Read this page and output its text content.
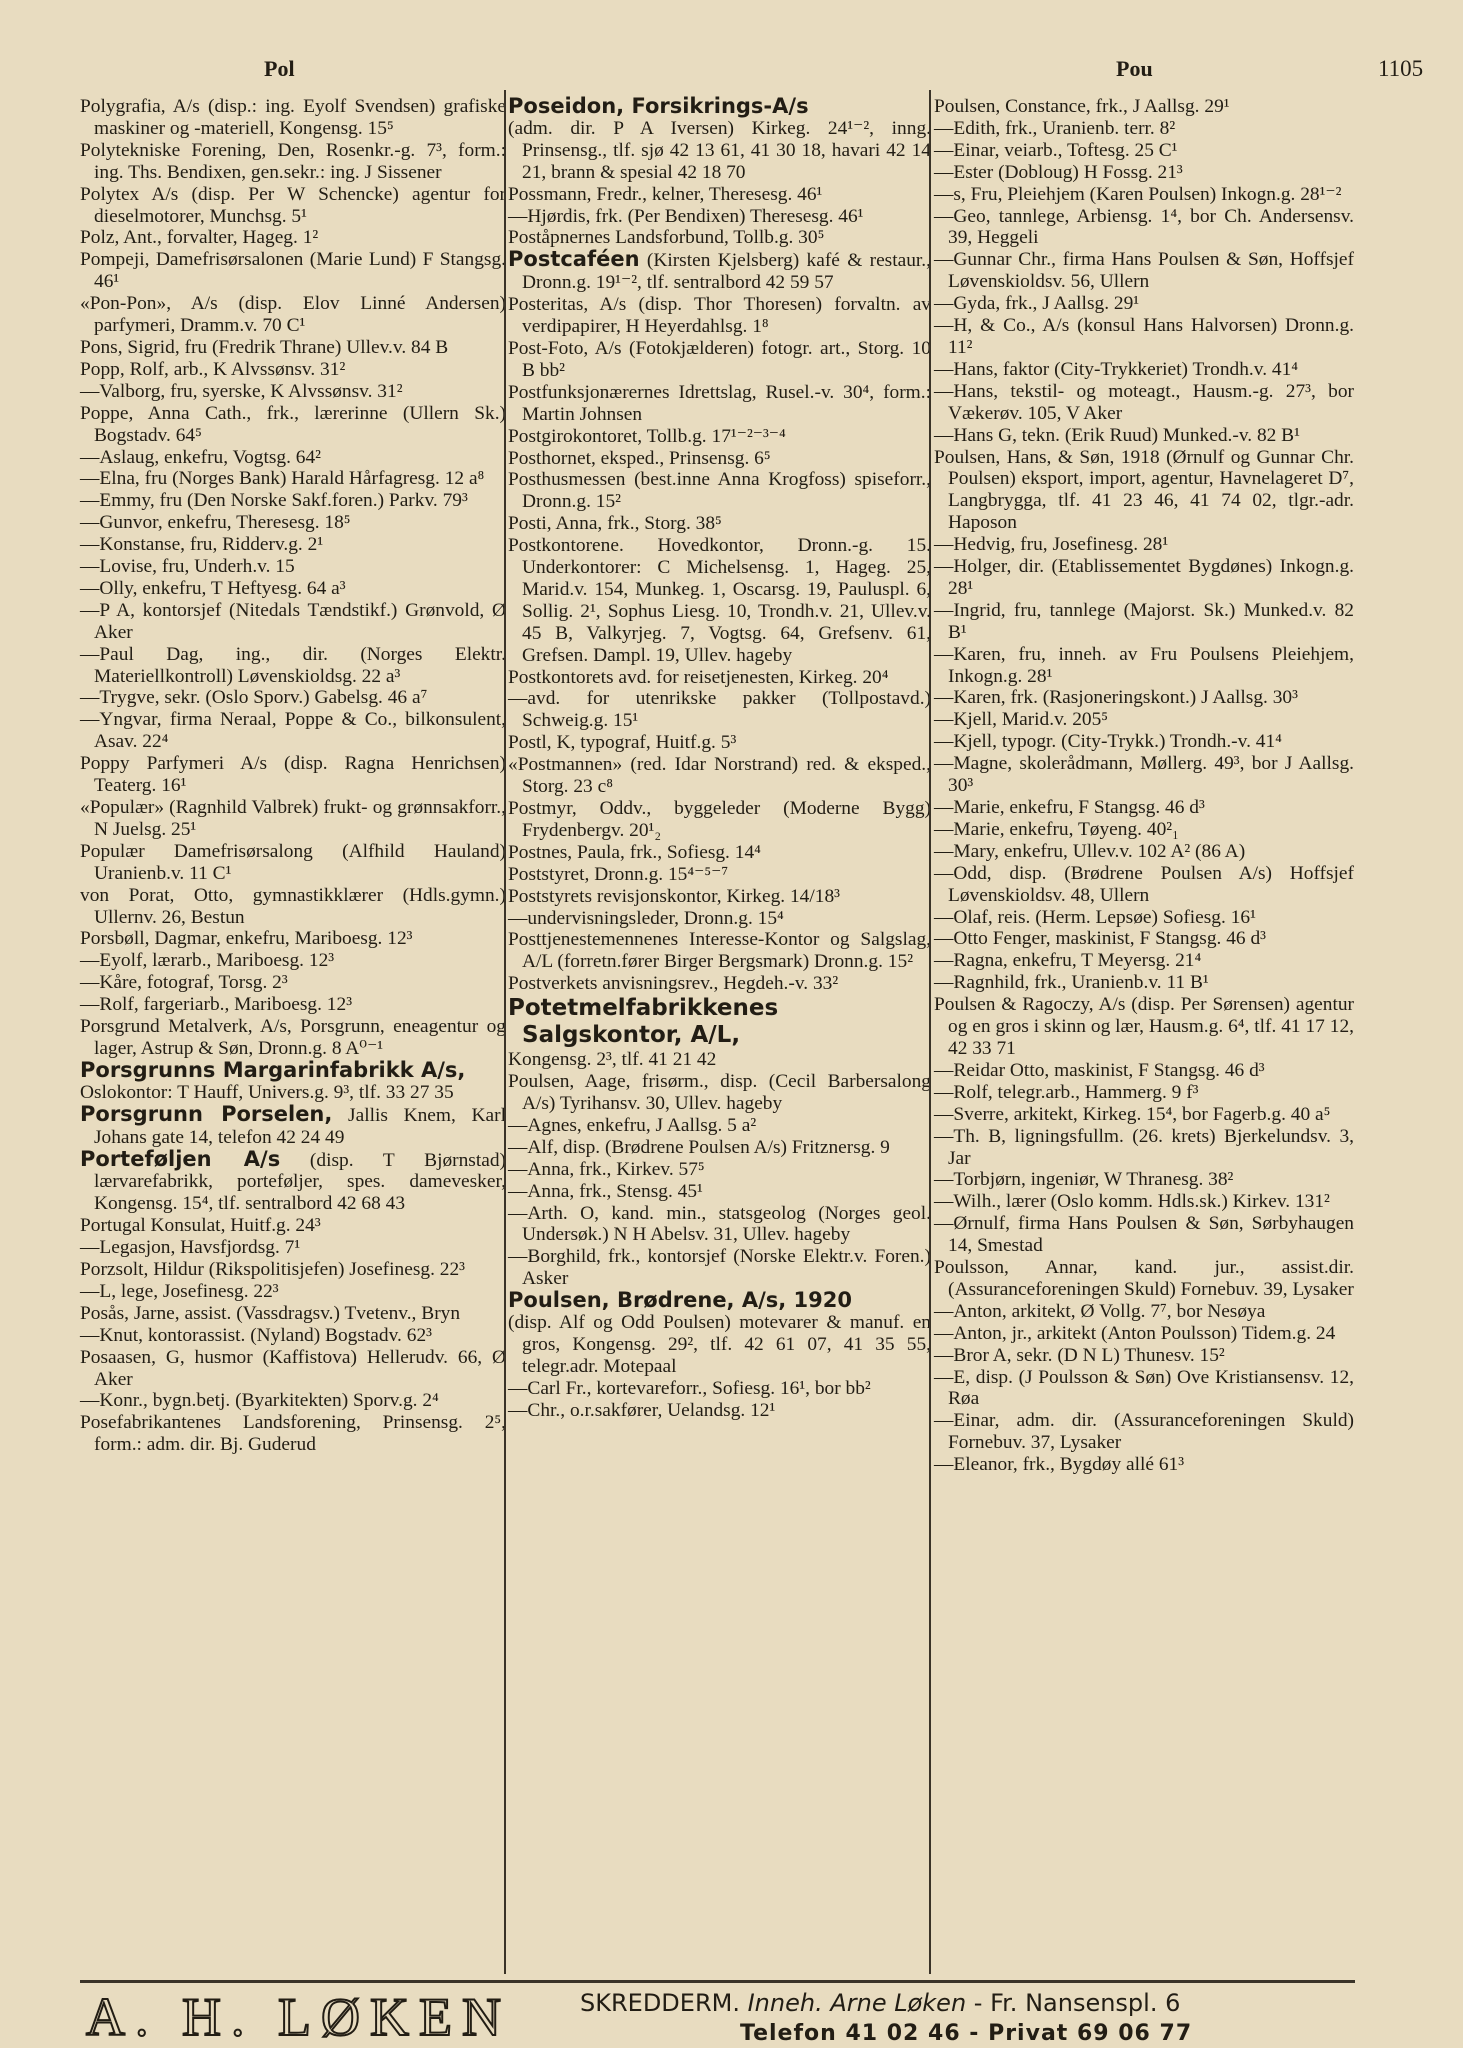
Pol	Pou	1105
Polygrafia, A/s (disp.: ing. Eyolf Svendsen) grafiske maskiner og -materiell, Kongensg. 15⁵
Polytekniske Forening, Den, Rosenkr.-g. 7³, form.: ing. Ths. Bendixen, gen.sekr.: ing. J Sissener
Polytex A/s (disp. Per W Schencke) agentur for dieselmotorer, Munchsg. 5¹
Polz, Ant., forvalter, Hageg. 1²
Pompeji, Damefrisørsalonen (Marie Lund) F Stangsg. 46¹
«Pon-Pon», A/s (disp. Elov Linné Andersen) parfymeri, Dramm.v. 70 C¹
Pons, Sigrid, fru (Fredrik Thrane) Ullev.v. 84 B
Popp, Rolf, arb., K Alvssønsv. 31²
—Valborg, fru, syerske, K Alvssønsv. 31²
Poppe, Anna Cath., frk., lærerinne (Ullern Sk.) Bogstadv. 64⁵
—Aslaug, enkefru, Vogtsg. 64²
—Elna, fru (Norges Bank) Harald Hårfagresg. 12 a⁸
—Emmy, fru (Den Norske Sakf.foren.) Parkv. 79³
—Gunvor, enkefru, Theresesg. 18⁵
—Konstanse, fru, Ridderv.g. 2¹
—Lovise, fru, Underh.v. 15
—Olly, enkefru, T Heftyesg. 64 a³
—P A, kontorsjef (Nitedals Tændstikf.) Grønvold, Ø Aker
—Paul Dag, ing., dir. (Norges Elektr. Materiellkontroll) Løvenskioldsg. 22 a³
—Trygve, sekr. (Oslo Sporv.) Gabelsg. 46 a⁷
—Yngvar, firma Neraal, Poppe & Co., bilkonsulent, Asav. 22⁴
Poppy Parfymeri A/s (disp. Ragna Henrichsen) Teaterg. 16¹
«Populær» (Ragnhild Valbrek) frukt- og grønnsakforr., N Juelsg. 25¹
Populær Damefrisørsalong (Alfhild Hauland) Uranienb.v. 11 C¹
von Porat, Otto, gymnastikklærer (Hdls.gymn.) Ullernv. 26, Bestun
Porsbøll, Dagmar, enkefru, Mariboesg. 12³
—Eyolf, lærarb., Mariboesg. 12³
—Kåre, fotograf, Torsg. 2³
—Rolf, fargeriarb., Mariboesg. 12³
Porsgrund Metalverk, A/s, Porsgrunn, eneagentur og lager, Astrup & Søn, Dronn.g. 8 A⁰⁻¹
Porsgrunns Margarinfabrikk A/s,
Oslokontor: T Hauff, Univers.g. 9³, tlf. 33 27 35
Porsgrunn Porselen, Jallis Knem, Karl Johans gate 14, telefon 42 24 49
Porteføljen A/s (disp. T Bjørnstad) lærvarefabrikk, porteføljer, spes. damevesker, Kongensg. 15⁴, tlf. sentralbord 42 68 43
Portugal Konsulat, Huitf.g. 24³
—Legasjon, Havsfjordsg. 7¹
Porzsolt, Hildur (Rikspolitisjefen) Josefinesg. 22³
—L, lege, Josefinesg. 22³
Posås, Jarne, assist. (Vassdragsv.) Tvetenv., Bryn
—Knut, kontorassist. (Nyland) Bogstadv. 62³
Posaasen, G, husmor (Kaffistova) Hellerudv. 66, Ø Aker
—Konr., bygn.betj. (Byarkitekten) Sporv.g. 2⁴
Posefabrikantenes Landsforening, Prinsensg. 2⁵, form.: adm. dir. Bj. Guderud
Poseidon, Forsikrings-A/s
(adm. dir. P A Iversen) Kirkeg. 24¹⁻², inng. Prinsensg., tlf. sjø 42 13 61, 41 30 18, havari 42 14 21, brann & spesial 42 18 70
Possmann, Fredr., kelner, Theresesg. 46¹
—Hjørdis, frk. (Per Bendixen) Theresesg. 46¹
Poståpnernes Landsforbund, Tollb.g. 30⁵
Postcaféen (Kirsten Kjelsberg) kafé & restaur., Dronn.g. 19¹⁻², tlf. sentralbord 42 59 57
Posteritas, A/s (disp. Thor Thoresen) forvaltn. av verdipapirer, H Heyerdahlsg. 1⁸
Post-Foto, A/s (Fotokjælderen) fotogr. art., Storg. 10 B bb²
Postfunksjonærernes Idrettslag, Rusel.-v. 30⁴, form.: Martin Johnsen
Postgirokontoret, Tollb.g. 17¹⁻²⁻³⁻⁴
Posthornet, eksped., Prinsensg. 6⁵
Posthusmessen (best.inne Anna Krogfoss) spiseforr., Dronn.g. 15²
Posti, Anna, frk., Storg. 38⁵
Postkontorene. Hovedkontor, Dronn.-g. 15. Underkontorer: C Michelsensg. 1, Hageg. 25, Marid.v. 154, Munkeg. 1, Oscarsg. 19, Pauluspl. 6, Sollig. 2¹, Sophus Liesg. 10, Trondh.v. 21, Ullev.v. 45 B, Valkyrjeg. 7, Vogtsg. 64, Grefsenv. 61, Grefsen. Dampl. 19, Ullev. hageby
Postkontorets avd. for reisetjenesten, Kirkeg. 20⁴
—avd. for utenrikske pakker (Tollpostavd.) Schweig.g. 15¹
Postl, K, typograf, Huitf.g. 5³
«Postmannen» (red. Idar Norstrand) red. & eksped., Storg. 23 c⁸
Postmyr, Oddv., byggeleder (Moderne Bygg) Frydenbergv. 20¹₂
Postnes, Paula, frk., Sofiesg. 14⁴
Poststyret, Dronn.g. 15⁴⁻⁵⁻⁷
Poststyrets revisjonskontor, Kirkeg. 14/18³
—undervisningsleder, Dronn.g. 15⁴
Posttjenestemennenes Interesse-Kontor og Salgslag, A/L (forretn.fører Birger Bergsmark) Dronn.g. 15²
Postverkets anvisningsrev., Hegdeh.-v. 33²
Potetmelfabrikkenes Salgskontor, A/L,
Kongensg. 2³, tlf. 41 21 42
Poulsen, Aage, frisørm., disp. (Cecil Barbersalong A/s) Tyrihansv. 30, Ullev. hageby
—Agnes, enkefru, J Aallsg. 5 a²
—Alf, disp. (Brødrene Poulsen A/s) Fritznersg. 9
—Anna, frk., Kirkev. 57⁵
—Anna, frk., Stensg. 45¹
—Arth. O, kand. min., statsgeolog (Norges geol. Undersøk.) N H Abelsv. 31, Ullev. hageby
—Borghild, frk., kontorsjef (Norske Elektr.v. Foren.) Asker
Poulsen, Brødrene, A/s, 1920
(disp. Alf og Odd Poulsen) motevarer & manuf. en gros, Kongensg. 29², tlf. 42 61 07, 41 35 55, telegr.adr. Motepaal
—Carl Fr., kortevareforr., Sofiesg. 16¹, bor bb²
—Chr., o.r.sakfører, Uelandsg. 12¹
Poulsen, Constance, frk., J Aallsg. 29¹
—Edith, frk., Uranienb. terr. 8²
—Einar, veiarb., Toftesg. 25 C¹
—Ester (Dobloug) H Fossg. 21³
—s, Fru, Pleiehjem (Karen Poulsen) Inkogn.g. 28¹⁻²
—Geo, tannlege, Arbiensg. 1⁴, bor Ch. Andersensv. 39, Heggeli
—Gunnar Chr., firma Hans Poulsen & Søn, Hoffsjef Løvenskioldsv. 56, Ullern
—Gyda, frk., J Aallsg. 29¹
—H, & Co., A/s (konsul Hans Halvorsen) Dronn.g. 11²
—Hans, faktor (City-Trykkeriet) Trondh.v. 41⁴
—Hans, tekstil- og moteagt., Hausm.-g. 27³, bor Vækerøv. 105, V Aker
—Hans G, tekn. (Erik Ruud) Munked.-v. 82 B¹
Poulsen, Hans, & Søn, 1918 (Ørnulf og Gunnar Chr. Poulsen) eksport, import, agentur, Havnelageret D⁷, Langbrygga, tlf. 41 23 46, 41 74 02, tlgr.-adr. Haposon
—Hedvig, fru, Josefinesg. 28¹
—Holger, dir. (Etablissementet Bygdønes) Inkogn.g. 28¹
—Ingrid, fru, tannlege (Majorst. Sk.) Munked.v. 82 B¹
—Karen, fru, inneh. av Fru Poulsens Pleiehjem, Inkogn.g. 28¹
—Karen, frk. (Rasjoneringskont.) J Aallsg. 30³
—Kjell, Marid.v. 205⁵
—Kjell, typogr. (City-Trykk.) Trondh.-v. 41⁴
—Magne, skolerådmann, Møllerg. 49³, bor J Aallsg. 30³
—Marie, enkefru, F Stangsg. 46 d³
—Marie, enkefru, Tøyeng. 40²₁
—Mary, enkefru, Ullev.v. 102 A² (86 A)
—Odd, disp. (Brødrene Poulsen A/s) Hoffsjef Løvenskioldsv. 48, Ullern
—Olaf, reis. (Herm. Lepsøe) Sofiesg. 16¹
—Otto Fenger, maskinist, F Stangsg. 46 d³
—Ragna, enkefru, T Meyersg. 21⁴
—Ragnhild, frk., Uranienb.v. 11 B¹
Poulsen & Ragoczy, A/s (disp. Per Sørensen) agentur og en gros i skinn og lær, Hausm.g. 6⁴, tlf. 41 17 12, 42 33 71
—Reidar Otto, maskinist, F Stangsg. 46 d³
—Rolf, telegr.arb., Hammerg. 9 f³
—Sverre, arkitekt, Kirkeg. 15⁴, bor Fagerb.g. 40 a⁵
—Th. B, ligningsfullm. (26. krets) Bjerkelundsv. 3, Jar
—Torbjørn, ingeniør, W Thranesg. 38²
—Wilh., lærer (Oslo komm. Hdls.sk.) Kirkev. 131²
—Ørnulf, firma Hans Poulsen & Søn, Sørbyhaugen 14, Smestad
Poulsson, Annar, kand. jur., assist.dir. (Assuranceforeningen Skuld) Fornebuv. 39, Lysaker
—Anton, arkitekt, Ø Vollg. 7⁷, bor Nesøya
—Anton, jr., arkitekt (Anton Poulsson) Tidem.g. 24
—Bror A, sekr. (D N L) Thunesv. 15²
—E, disp. (J Poulsson & Søn) Ove Kristiansensv. 12, Røa
—Einar, adm. dir. (Assuranceforeningen Skuld) Fornebuv. 37, Lysaker
—Eleanor, frk., Bygdøy allé 61³
A. H. LØKEN	SKREDDERM. Inneh. Arne Løken - Fr. Nansenspl. 6
Telefon 41 02 46 - Privat 69 06 77
